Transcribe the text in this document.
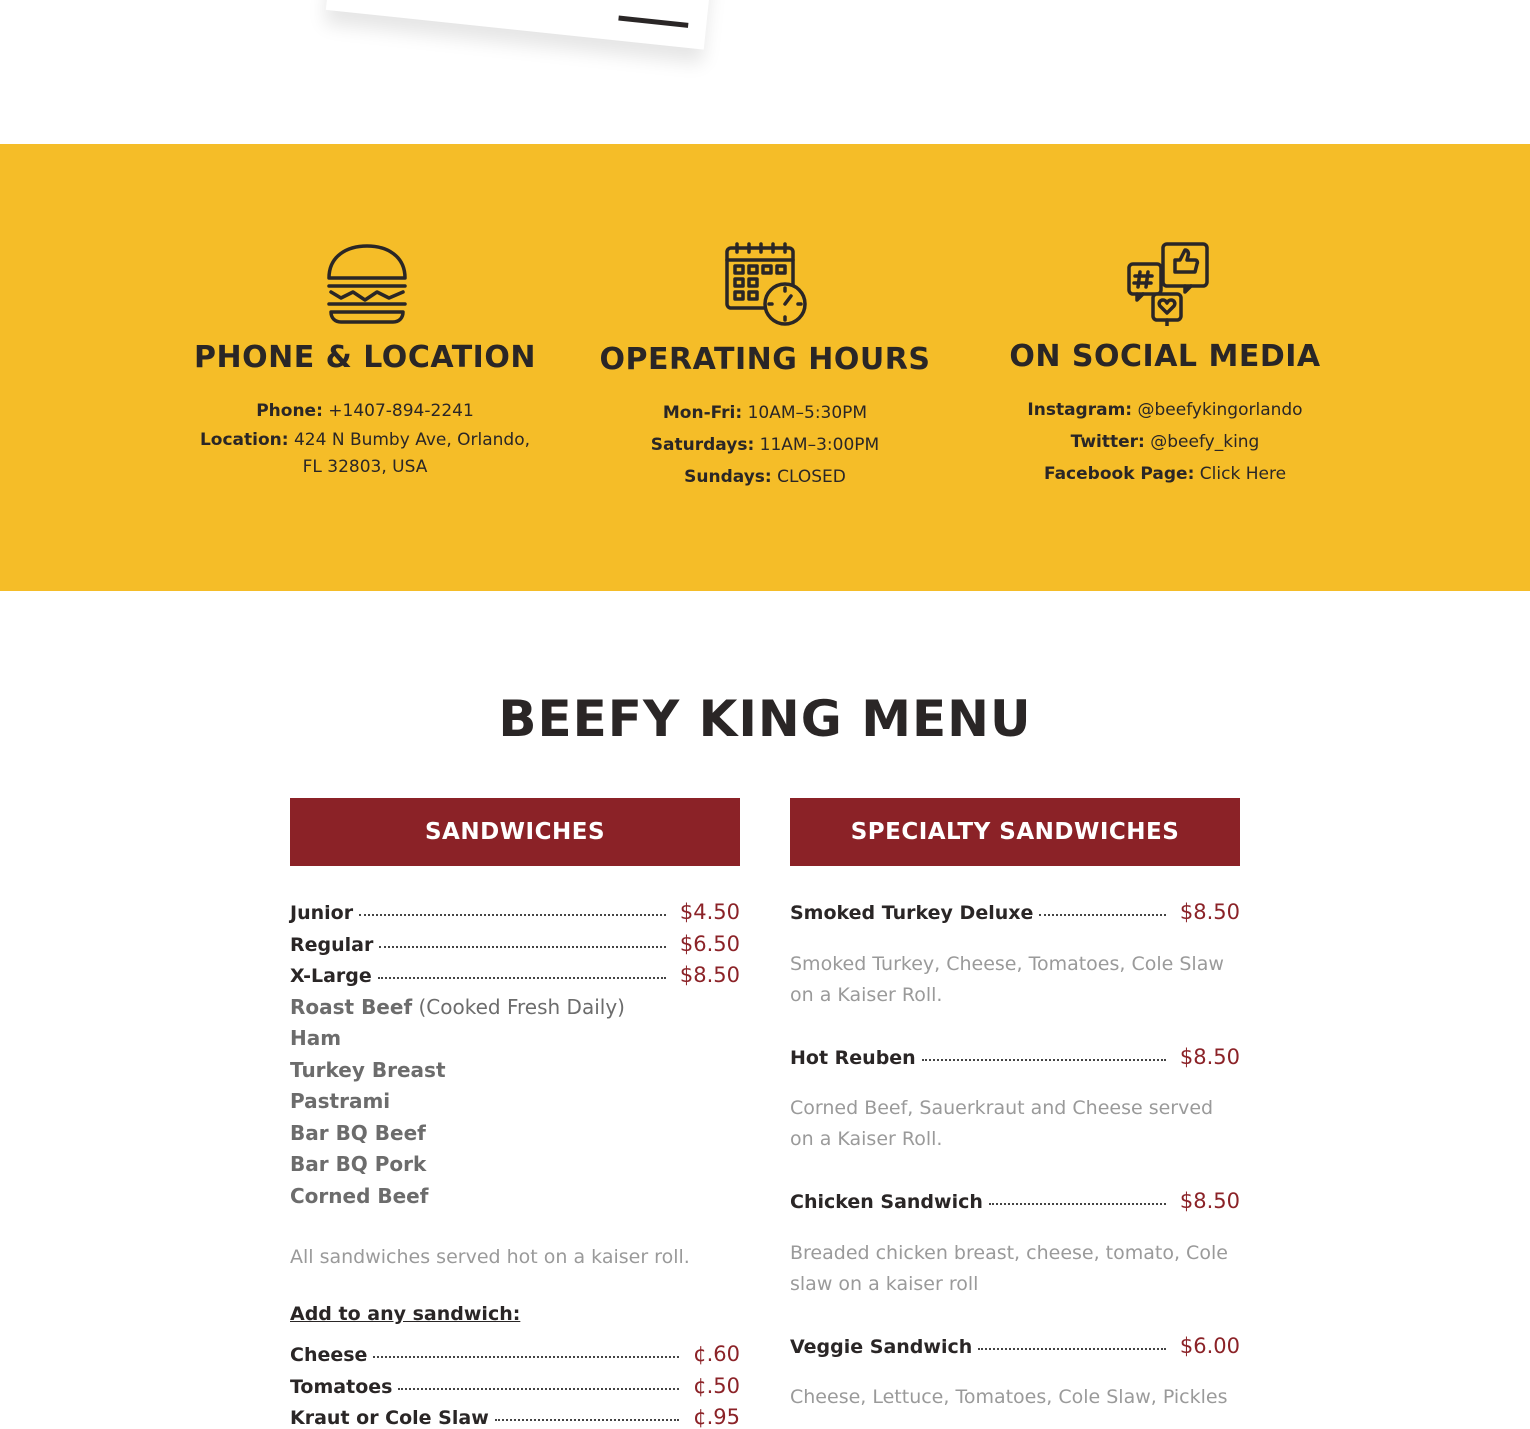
PHONE & LOCATION
Phone: +1407-894-2241
Location: 424 N Bumby Ave, Orlando, FL 32803, USA
OPERATING HOURS
Mon-Fri: 10AM–5:30PM
Saturdays: 11AM–3:00PM
Sundays: CLOSED
ON SOCIAL MEDIA
Instagram: @beefykingorlando
Twitter: @beefy_king
Facebook Page: Click Here
BEEFY KING MENU
SANDWICHES
Junior	$4.50
Regular	$6.50
X-Large	$8.50
Roast Beef (Cooked Fresh Daily)
Ham
Turkey Breast
Pastrami
Bar BQ Beef
Bar BQ Pork
Corned Beef
All sandwiches served hot on a kaiser roll.
Add to any sandwich:
Cheese	¢.60
Tomatoes	¢.50
Kraut or Cole Slaw	¢.95
SPECIALTY SANDWICHES
Smoked Turkey Deluxe	$8.50
Smoked Turkey, Cheese, Tomatoes, Cole Slaw on a Kaiser Roll.
Hot Reuben	$8.50
Corned Beef, Sauerkraut and Cheese served on a Kaiser Roll.
Chicken Sandwich	$8.50
Breaded chicken breast, cheese, tomato, Cole slaw on a kaiser roll
Veggie Sandwich	$6.00
Cheese, Lettuce, Tomatoes, Cole Slaw, Pickles
